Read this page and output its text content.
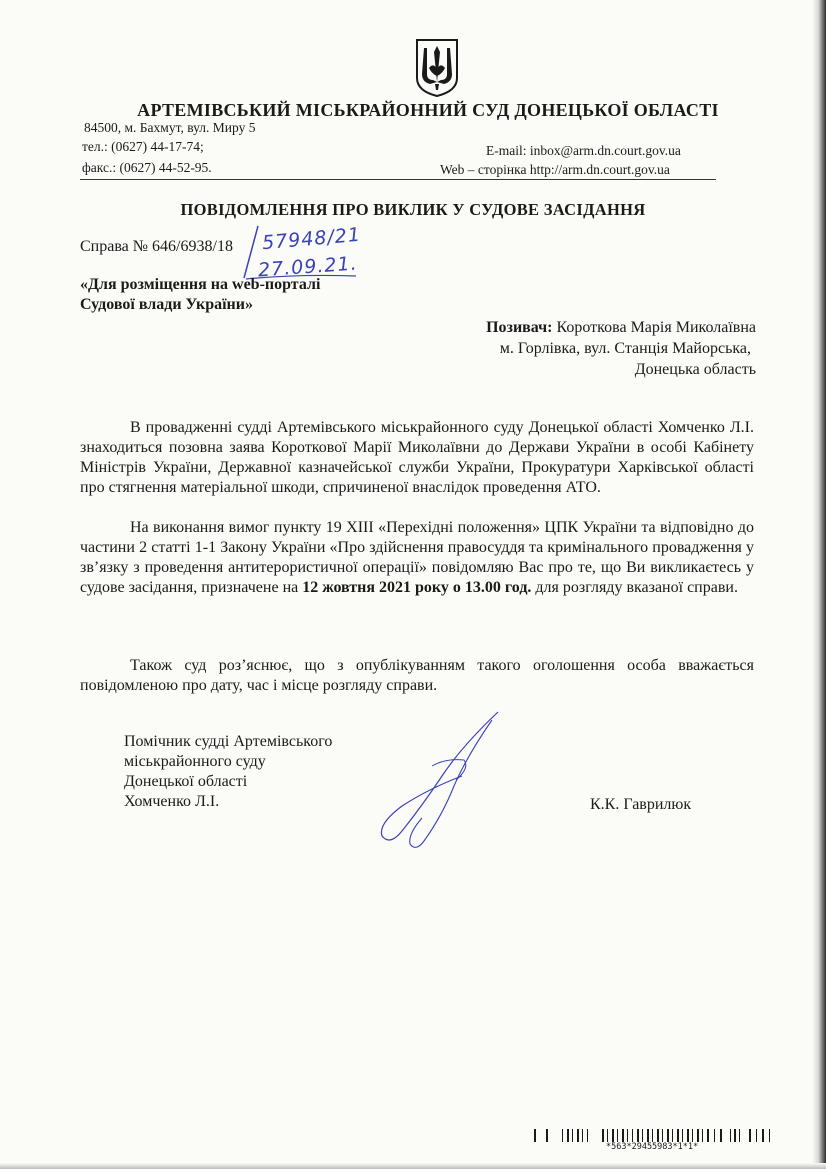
АРТЕМІВСЬКИЙ МІСЬКРАЙОННИЙ СУД ДОНЕЦЬКОЇ ОБЛАСТІ
84500, м. Бахмут, вул. Миру 5
тел.: (0627) 44-17-74;	E-mail: inbox@arm.dn.court.gov.ua
факс.: (0627) 44-52-95.	Web – сторінка http://arm.dn.court.gov.ua
ПОВІДОМЛЕННЯ ПРО ВИКЛИК У СУДОВЕ ЗАСІДАННЯ
Справа № 646/6938/18 57948/21
27.09.21.
«Для розміщення на web-порталі
Судової влади України»
Позивач: Короткова Марія Миколаївна
м. Горлівка, вул. Станція Майорська,
Донецька область
В провадженні судді Артемівського міськрайонного суду Донецької області Хомченко Л.І. знаходиться позовна заява Короткової Марії Миколаївни до Держави України в особі Кабінету Міністрів України, Державної казначейської служби України, Прокуратури Харківської області про стягнення матеріальної шкоди, спричиненої внаслідок проведення АТО.
На виконання вимог пункту 19 ХІІІ «Перехідні положення» ЦПК України та відповідно до частини 2 статті 1-1 Закону України «Про здійснення правосуддя та кримінального провадження у зв’язку з проведення антитерористичної операції» повідомляю Вас про те, що Ви викликаєтесь у судове засідання, призначене на 12 жовтня 2021 року о 13.00 год. для розгляду вказаної справи.
Також суд роз’яснює, що з опублікуванням такого оголошення особа вважається повідомленою про дату, час і місце розгляду справи.
Помічник судді Артемівського
міськрайонного суду
Донецької області
Хомченко Л.І.	К.К. Гаврилюк
*563*29455983*1*1*
